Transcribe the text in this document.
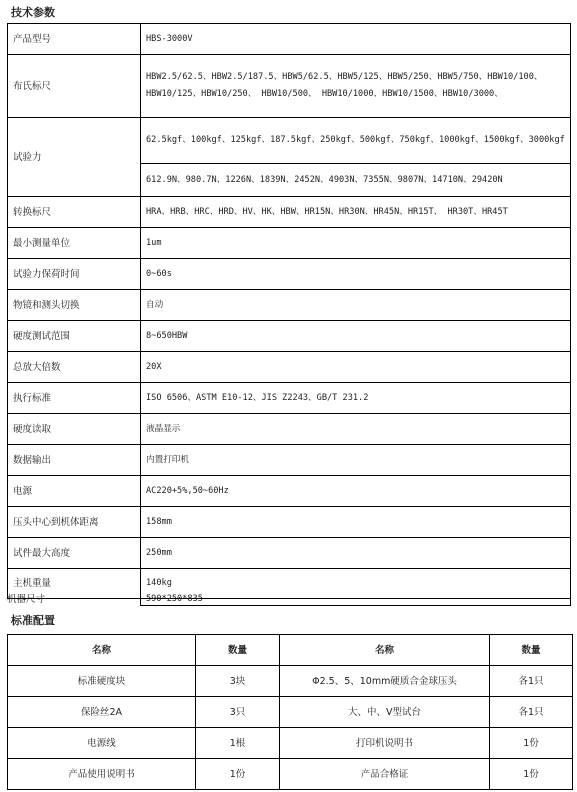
技术参数
产品型号	HBS-3000V
布氏标尺	HBW2.5/62.5、HBW2.5/187.5、HBW5/62.5、HBW5/125、HBW5/250、HBW5/750、HBW10/100、HBW10/125、HBW10/250、 HBW10/500、 HBW10/1000、HBW10/1500、HBW10/3000、
试验力	62.5kgf、100kgf、125kgf、187.5kgf、250kgf、500kgf、750kgf、1000kgf、1500kgf、3000kgf
	612.9N、980.7N、1226N、1839N、2452N、4903N、7355N、9807N、14710N、29420N
转换标尺	HRA、HRB、HRC、HRD、HV、HK、HBW、HR15N、HR30N、HR45N、HR15T、 HR30T、HR45T
最小测量单位	1um
试验力保荷时间	0~60s
物镜和测头切换	自动
硬度测试范围	8~650HBW
总放大倍数	20X
执行标准	ISO 6506、ASTM E10-12、JIS Z2243、GB/T 231.2
硬度读取	液晶显示
数据输出	内置打印机
电源	AC220+5%,50~60Hz
压头中心到机体距离	158mm
试件最大高度	250mm
主机重量	140kg
机器尺寸	590*250*835
标准配置
名称	数量	名称	数量
标准硬度块	3块	Φ2.5、5、10mm硬质合金球压头	各1只
保险丝2A	3只	大、中、V型试台	各1只
电源线	1根	打印机说明书	1份
产品使用说明书	1份	产品合格证	1份
